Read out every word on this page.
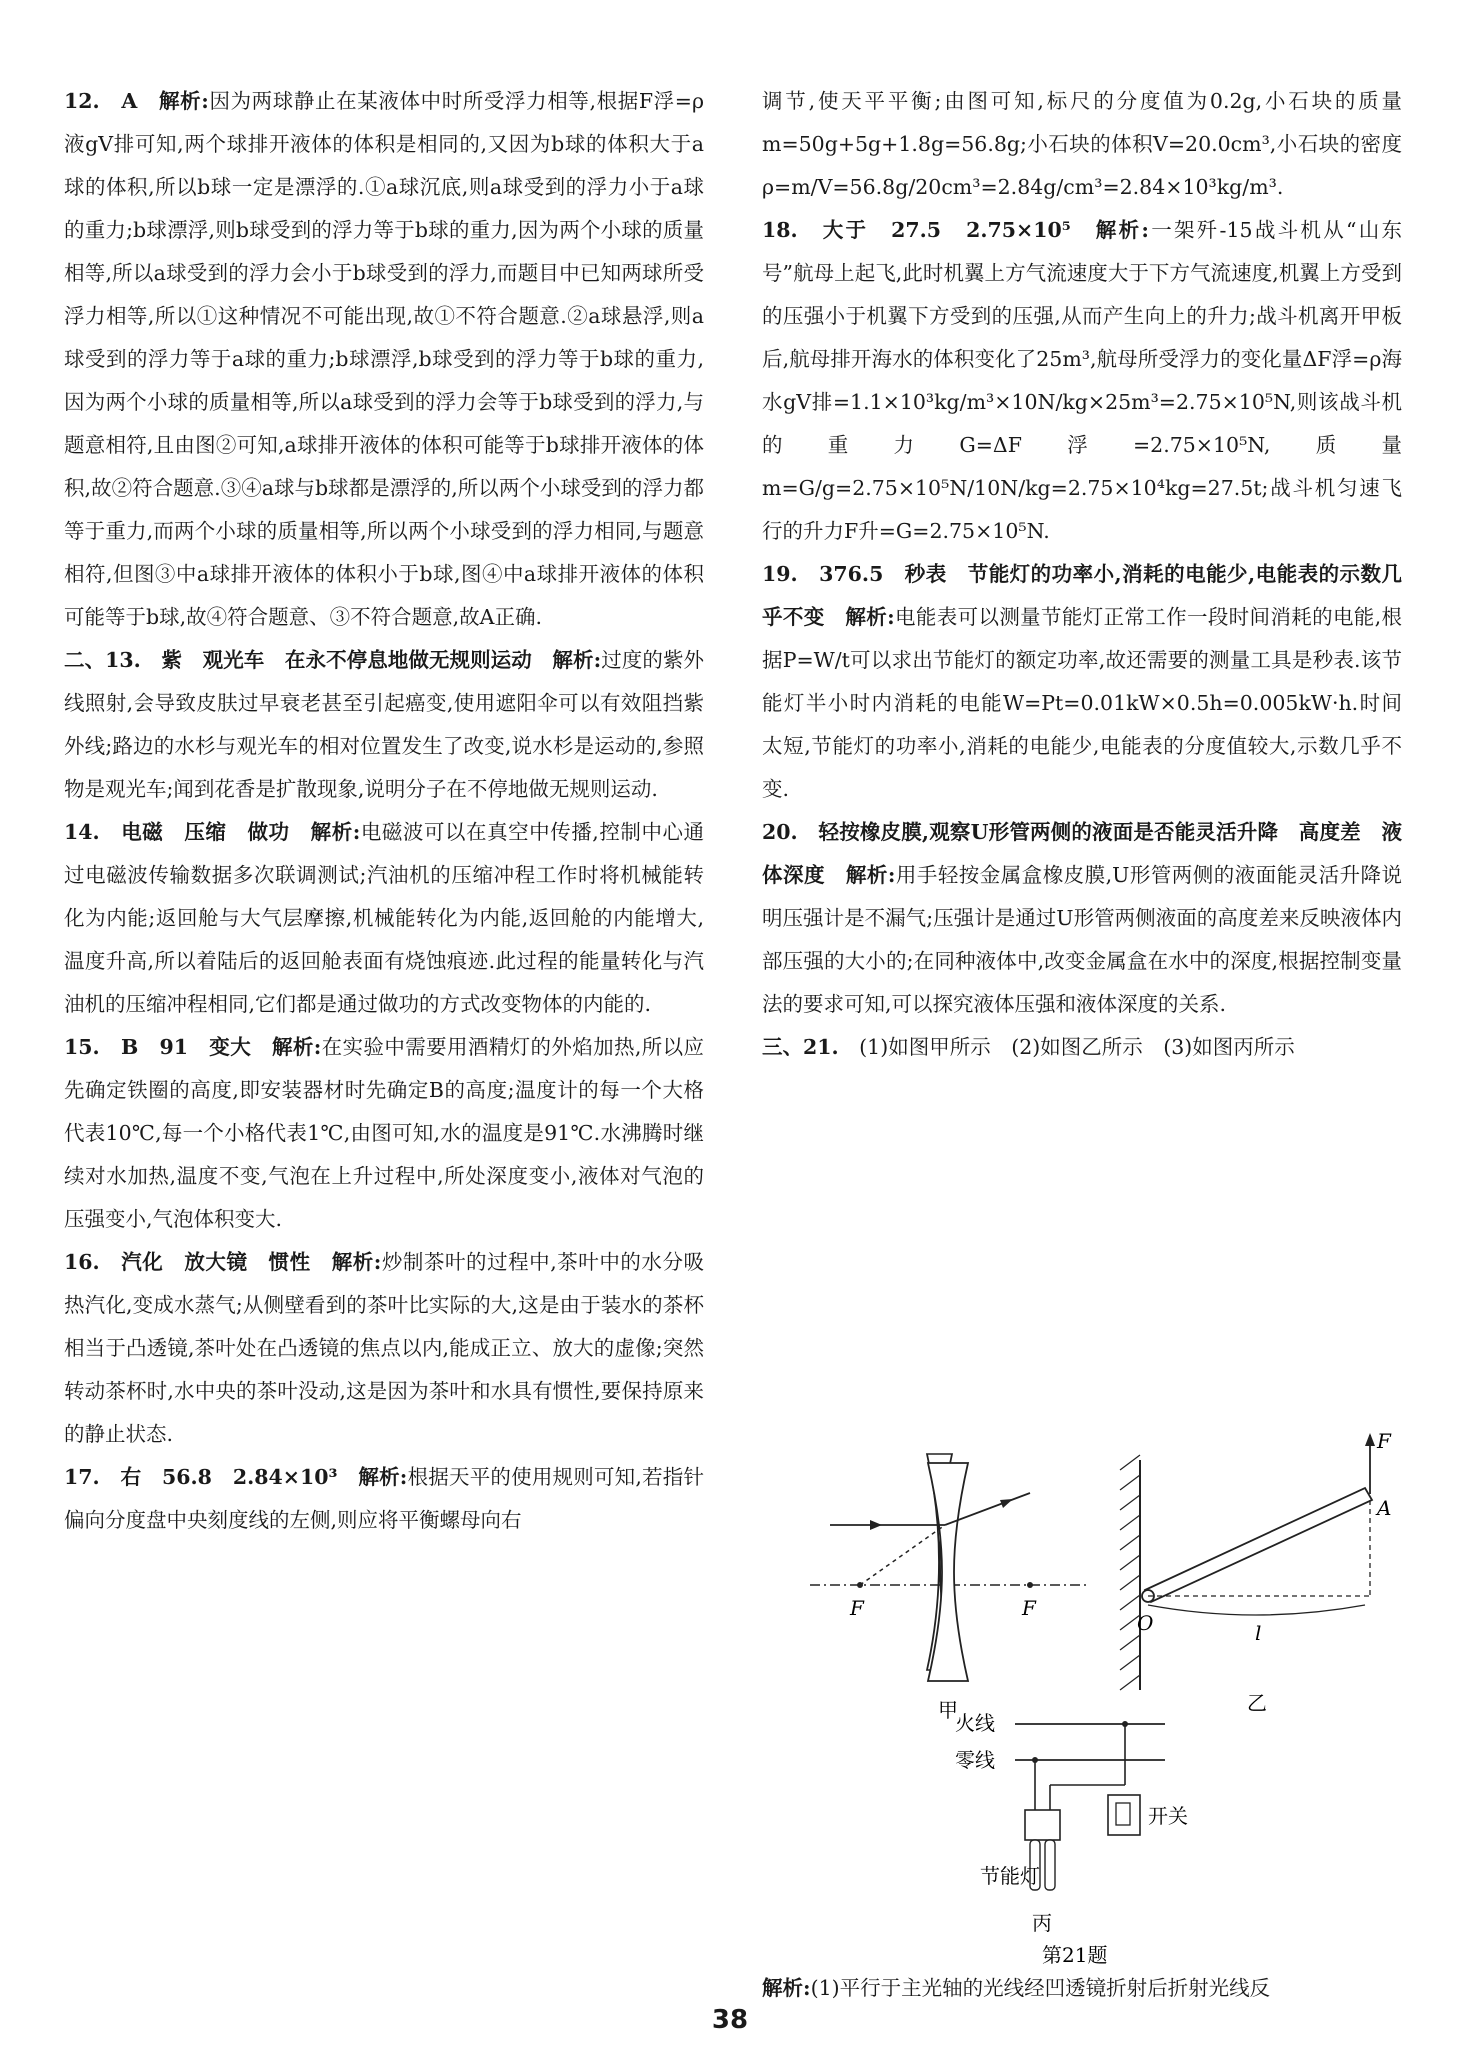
12.　 A　 解析:因为两球静止在某液体中时所受浮力相等,根据F浮=ρ液gV排可知,两个球排开液体的体积是相同的,又因为b球的体积大于a球的体积,所以b球一定是漂浮的.①a球沉底,则a球受到的浮力小于a球的重力;b球漂浮,则b球受到的浮力等于b球的重力,因为两个小球的质量相等,所以a球受到的浮力会小于b球受到的浮力,而题目中已知两球所受浮力相等,所以①这种情况不可能出现,故①不符合题意.②a球悬浮,则a球受到的浮力等于a球的重力;b球漂浮,b球受到的浮力等于b球的重力,因为两个小球的质量相等,所以a球受到的浮力会等于b球受到的浮力,与题意相符,且由图②可知,a球排开液体的体积可能等于b球排开液体的体积,故②符合题意.③④a球与b球都是漂浮的,所以两个小球受到的浮力都等于重力,而两个小球的质量相等,所以两个小球受到的浮力相同,与题意相符,但图③中a球排开液体的体积小于b球,图④中a球排开液体的体积可能等于b球,故④符合题意、③不符合题意,故A正确.

二、13.　 紫　观光车　在永不停息地做无规则运动　 解析:过度的紫外线照射,会导致皮肤过早衰老甚至引起癌变,使用遮阳伞可以有效阻挡紫外线;路边的水杉与观光车的相对位置发生了改变,说水杉是运动的,参照物是观光车;闻到花香是扩散现象,说明分子在不停地做无规则运动.

14.　 电磁　压缩　做功　 解析:电磁波可以在真空中传播,控制中心通过电磁波传输数据多次联调测试;汽油机的压缩冲程工作时将机械能转化为内能;返回舱与大气层摩擦,机械能转化为内能,返回舱的内能增大,温度升高,所以着陆后的返回舱表面有烧蚀痕迹.此过程的能量转化与汽油机的压缩冲程相同,它们都是通过做功的方式改变物体的内能的.

15.　 B　91　变大　 解析:在实验中需要用酒精灯的外焰加热,所以应先确定铁圈的高度,即安装器材时先确定B的高度;温度计的每一个大格代表10℃,每一个小格代表1℃,由图可知,水的温度是91℃.水沸腾时继续对水加热,温度不变,气泡在上升过程中,所处深度变小,液体对气泡的压强变小,气泡体积变大.

16.　 汽化　放大镜　惯性　 解析:炒制茶叶的过程中,茶叶中的水分吸热汽化,变成水蒸气;从侧壁看到的茶叶比实际的大,这是由于装水的茶杯相当于凸透镜,茶叶处在凸透镜的焦点以内,能成正立、放大的虚像;突然转动茶杯时,水中央的茶叶没动,这是因为茶叶和水具有惯性,要保持原来的静止状态.

17.　 右　56.8　2.84×10³　 解析:根据天平的使用规则可知,若指针偏向分度盘中央刻度线的左侧,则应将平衡螺母向右

调节,使天平平衡;由图可知,标尺的分度值为0.2g,小石块的质量m=50g+5g+1.8g=56.8g;小石块的体积V=20.0cm³,小石块的密度ρ=m/V=56.8g/20cm³=2.84g/cm³=2.84×10³kg/m³.

18.　 大于　27.5　2.75×10⁵　 解析:一架歼-15战斗机从“山东号”航母上起飞,此时机翼上方气流速度大于下方气流速度,机翼上方受到的压强小于机翼下方受到的压强,从而产生向上的升力;战斗机离开甲板后,航母排开海水的体积变化了25m³,航母所受浮力的变化量ΔF浮=ρ海水gV排=1.1×10³kg/m³×10N/kg×25m³=2.75×10⁵N,则该战斗机的重力G=ΔF浮=2.75×10⁵N,质量m=G/g=2.75×10⁵N/10N/kg=2.75×10⁴kg=27.5t;战斗机匀速飞行的升力F升=G=2.75×10⁵N.

19.　 376.5　秒表　节能灯的功率小,消耗的电能少,电能表的示数几乎不变　 解析:电能表可以测量节能灯正常工作一段时间消耗的电能,根据P=W/t可以求出节能灯的额定功率,故还需要的测量工具是秒表.该节能灯半小时内消耗的电能W=Pt=0.01kW×0.5h=0.005kW·h.时间太短,节能灯的功率小,消耗的电能少,电能表的分度值较大,示数几乎不变.

20.　 轻按橡皮膜,观察U形管两侧的液面是否能灵活升降　高度差　液体深度　 解析:用手轻按金属盒橡皮膜,U形管两侧的液面能灵活升降说明压强计是不漏气;压强计是通过U形管两侧液面的高度差来反映液体内部压强的大小的;在同种液体中,改变金属盒在水中的深度,根据控制变量法的要求可知,可以探究液体压强和液体深度的关系.

三、21.　 (1)如图甲所示　(2)如图乙所示　(3)如图丙所示

F	F
甲
F
A
O	l
乙
火线
零线
开关
节能灯
丙
第21题
解析:(1)平行于主光轴的光线经凹透镜折射后折射光线反
38
